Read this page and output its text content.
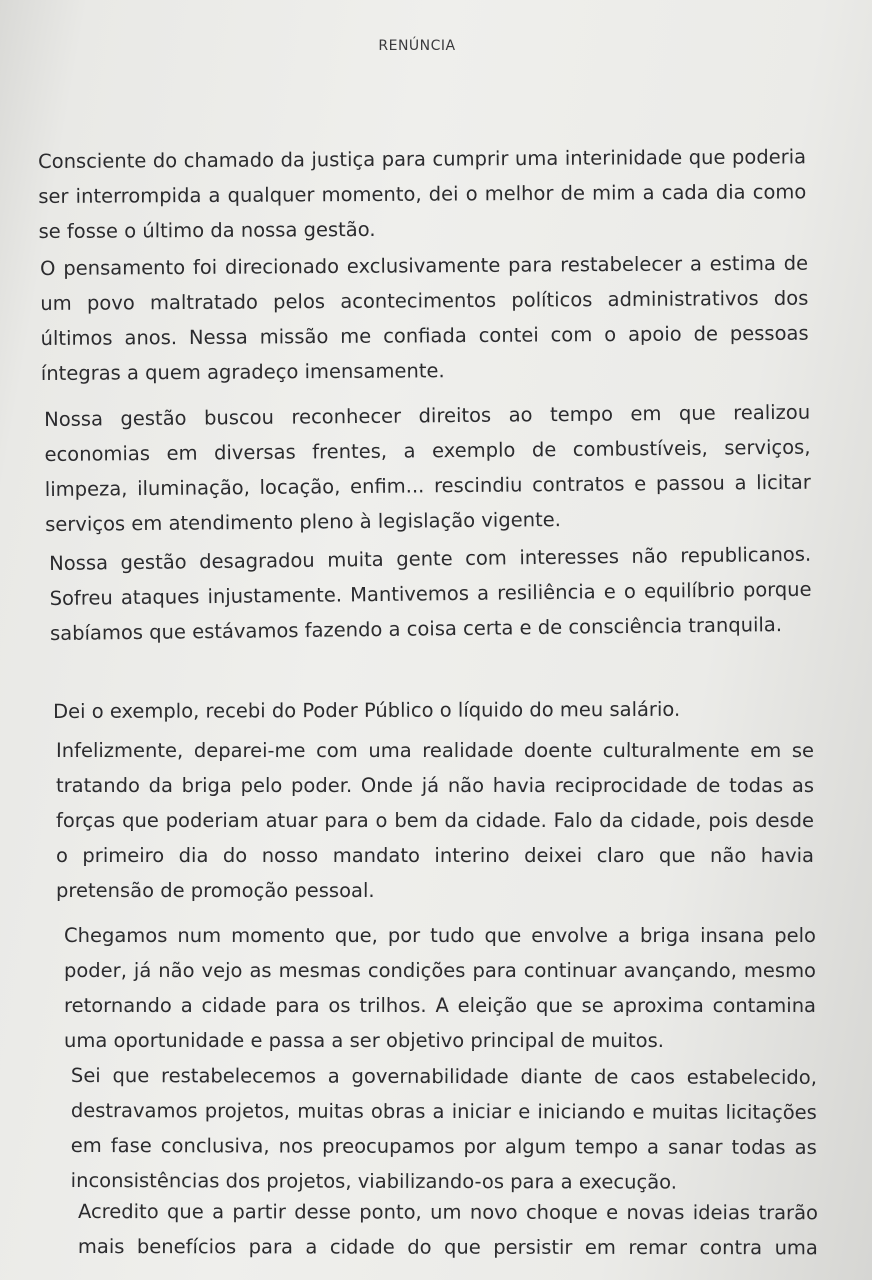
RENÚNCIA

Consciente do chamado da justiça para cumprir uma interinidade que poderia ser interrompida a qualquer momento, dei o melhor de mim a cada dia como se fosse o último da nossa gestão.

O pensamento foi direcionado exclusivamente para restabelecer a estima de um povo maltratado pelos acontecimentos políticos administrativos dos últimos anos. Nessa missão me confiada contei com o apoio de pessoas íntegras a quem agradeço imensamente.

Nossa gestão buscou reconhecer direitos ao tempo em que realizou economias em diversas frentes, a exemplo de combustíveis, serviços, limpeza, iluminação, locação, enfim... rescindiu contratos e passou a licitar serviços em atendimento pleno à legislação vigente.

Nossa gestão desagradou muita gente com interesses não republicanos. Sofreu ataques injustamente. Mantivemos a resiliência e o equilíbrio porque sabíamos que estávamos fazendo a coisa certa e de consciência tranquila.

Dei o exemplo, recebi do Poder Público o líquido do meu salário.

Infelizmente, deparei-me com uma realidade doente culturalmente em se tratando da briga pelo poder. Onde já não havia reciprocidade de todas as forças que poderiam atuar para o bem da cidade. Falo da cidade, pois desde o primeiro dia do nosso mandato interino deixei claro que não havia pretensão de promoção pessoal.

Chegamos num momento que, por tudo que envolve a briga insana pelo poder, já não vejo as mesmas condições para continuar avançando, mesmo retornando a cidade para os trilhos. A eleição que se aproxima contamina uma oportunidade e passa a ser objetivo principal de muitos.

Sei que restabelecemos a governabilidade diante de caos estabelecido, destravamos projetos, muitas obras a iniciar e iniciando e muitas licitações em fase conclusiva, nos preocupamos por algum tempo a sanar todas as inconsistências dos projetos, viabilizando-os para a execução.

Acredito que a partir desse ponto, um novo choque e novas ideias trarão mais benefícios para a cidade do que persistir em remar contra uma
